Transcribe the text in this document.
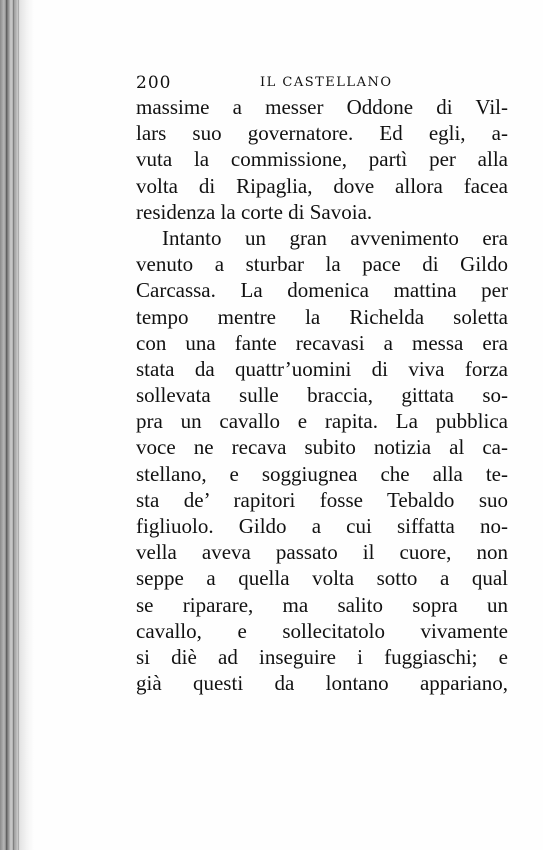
200	IL CASTELLANO
massime a messer Oddone di Vil-
lars suo governatore. Ed egli, a-
vuta la commissione, partì per alla
volta di Ripaglia, dove allora facea
residenza la corte di Savoia.
Intanto un gran avvenimento era
venuto a sturbar la pace di Gildo
Carcassa. La domenica mattina per
tempo mentre la Richelda soletta
con una fante recavasi a messa era
stata da quattr’uomini di viva forza
sollevata sulle braccia, gittata so-
pra un cavallo e rapita. La pubblica
voce ne recava subito notizia al ca-
stellano, e soggiugnea che alla te-
sta de’ rapitori fosse Tebaldo suo
figliuolo. Gildo a cui siffatta no-
vella aveva passato il cuore, non
seppe a quella volta sotto a qual
se riparare, ma salito sopra un
cavallo, e sollecitatolo vivamente
si diè ad inseguire i fuggiaschi; e
già questi da lontano appariano,
